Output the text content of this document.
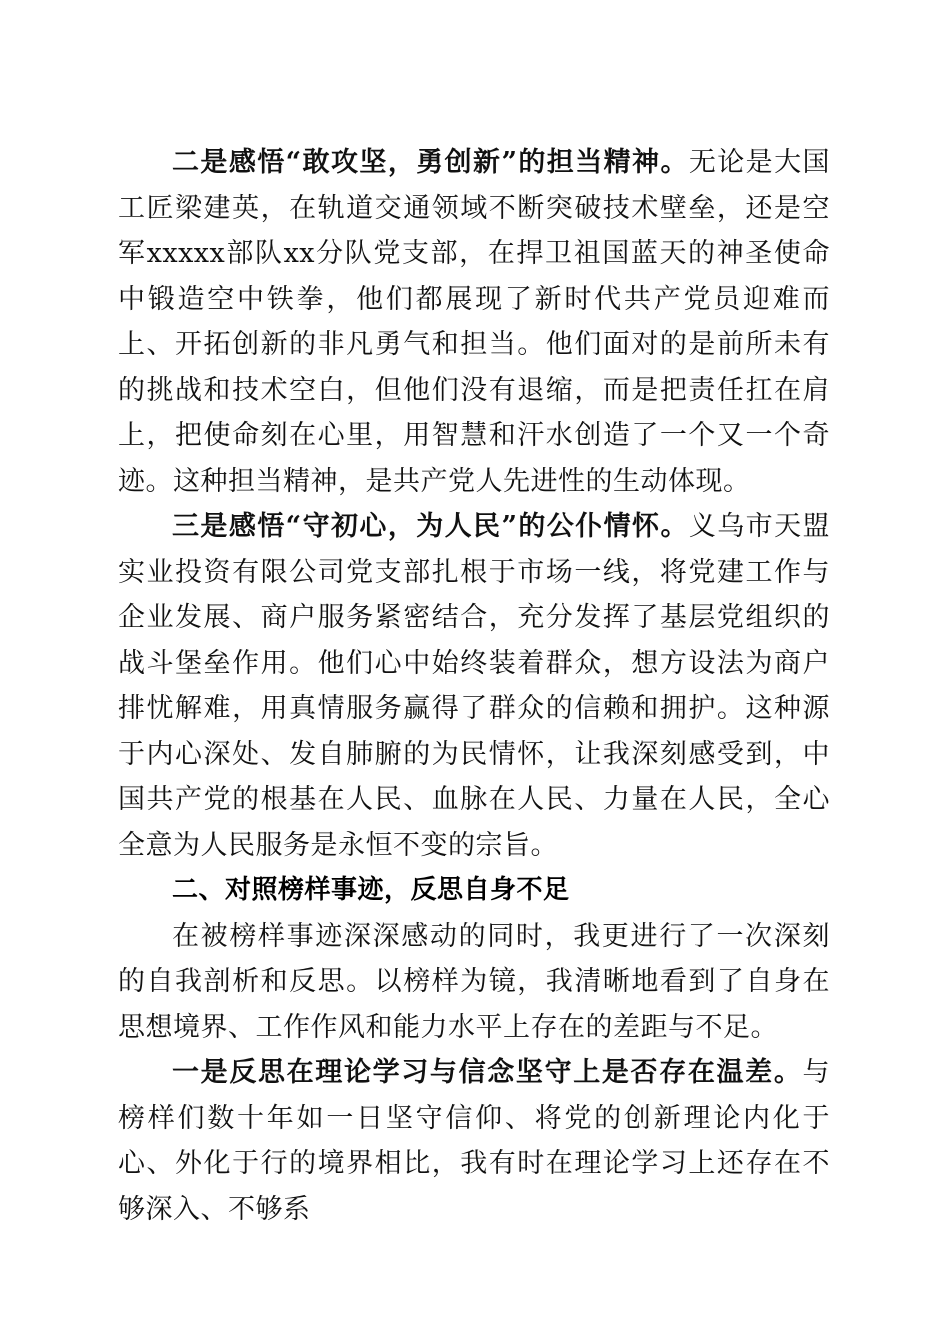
二是感悟“敢攻坚，勇创新”的担当精神。无论是大国工匠梁建英，在轨道交通领域不断突破技术壁垒，还是空军xxxxx部队xx分队党支部，在捍卫祖国蓝天的神圣使命中锻造空中铁拳，他们都展现了新时代共产党员迎难而上、开拓创新的非凡勇气和担当。他们面对的是前所未有的挑战和技术空白，但他们没有退缩，而是把责任扛在肩上，把使命刻在心里，用智慧和汗水创造了一个又一个奇迹。这种担当精神，是共产党人先进性的生动体现。

三是感悟“守初心，为人民”的公仆情怀。义乌市天盟实业投资有限公司党支部扎根于市场一线，将党建工作与企业发展、商户服务紧密结合，充分发挥了基层党组织的战斗堡垒作用。他们心中始终装着群众，想方设法为商户排忧解难，用真情服务赢得了群众的信赖和拥护。这种源于内心深处、发自肺腑的为民情怀，让我深刻感受到，中国共产党的根基在人民、血脉在人民、力量在人民，全心全意为人民服务是永恒不变的宗旨。

二、对照榜样事迹，反思自身不足

在被榜样事迹深深感动的同时，我更进行了一次深刻的自我剖析和反思。以榜样为镜，我清晰地看到了自身在思想境界、工作作风和能力水平上存在的差距与不足。

一是反思在理论学习与信念坚守上是否存在温差。与榜样们数十年如一日坚守信仰、将党的创新理论内化于心、外化于行的境界相比，我有时在理论学习上还存在不够深入、不够系
